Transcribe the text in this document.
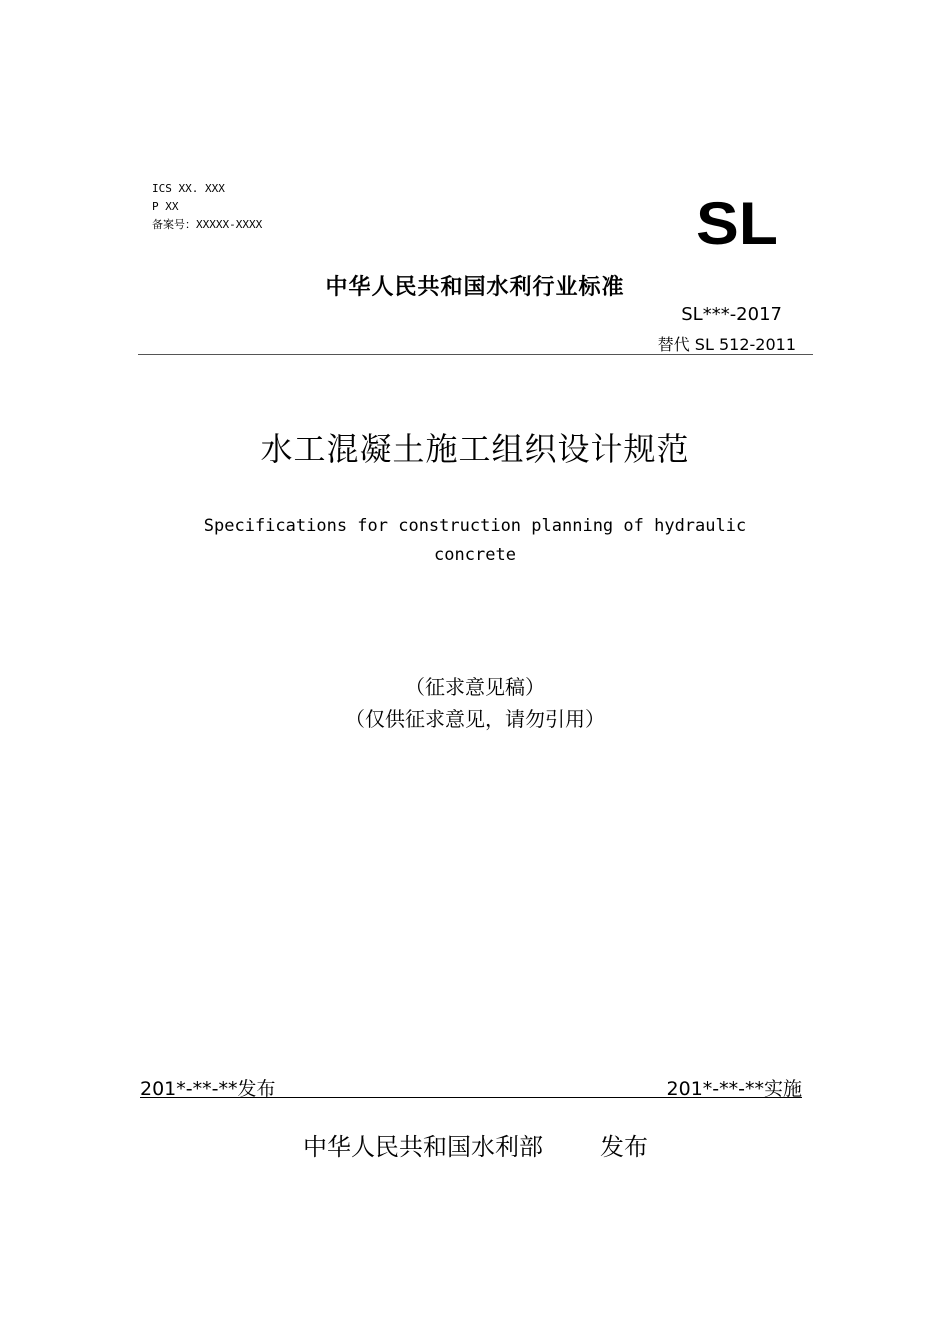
ICS XX. XXX
P XX
备案号：XXXXX-XXXX	SL
中华人民共和国水利行业标准
SL***-2017
替代 SL 512-2011
水工混凝土施工组织设计规范
Specifications for construction planning of hydraulic concrete
（征求意见稿）
（仅供征求意见，请勿引用）
201*-**-**发布	201*-**-**实施
中华人民共和国水利部 发布
